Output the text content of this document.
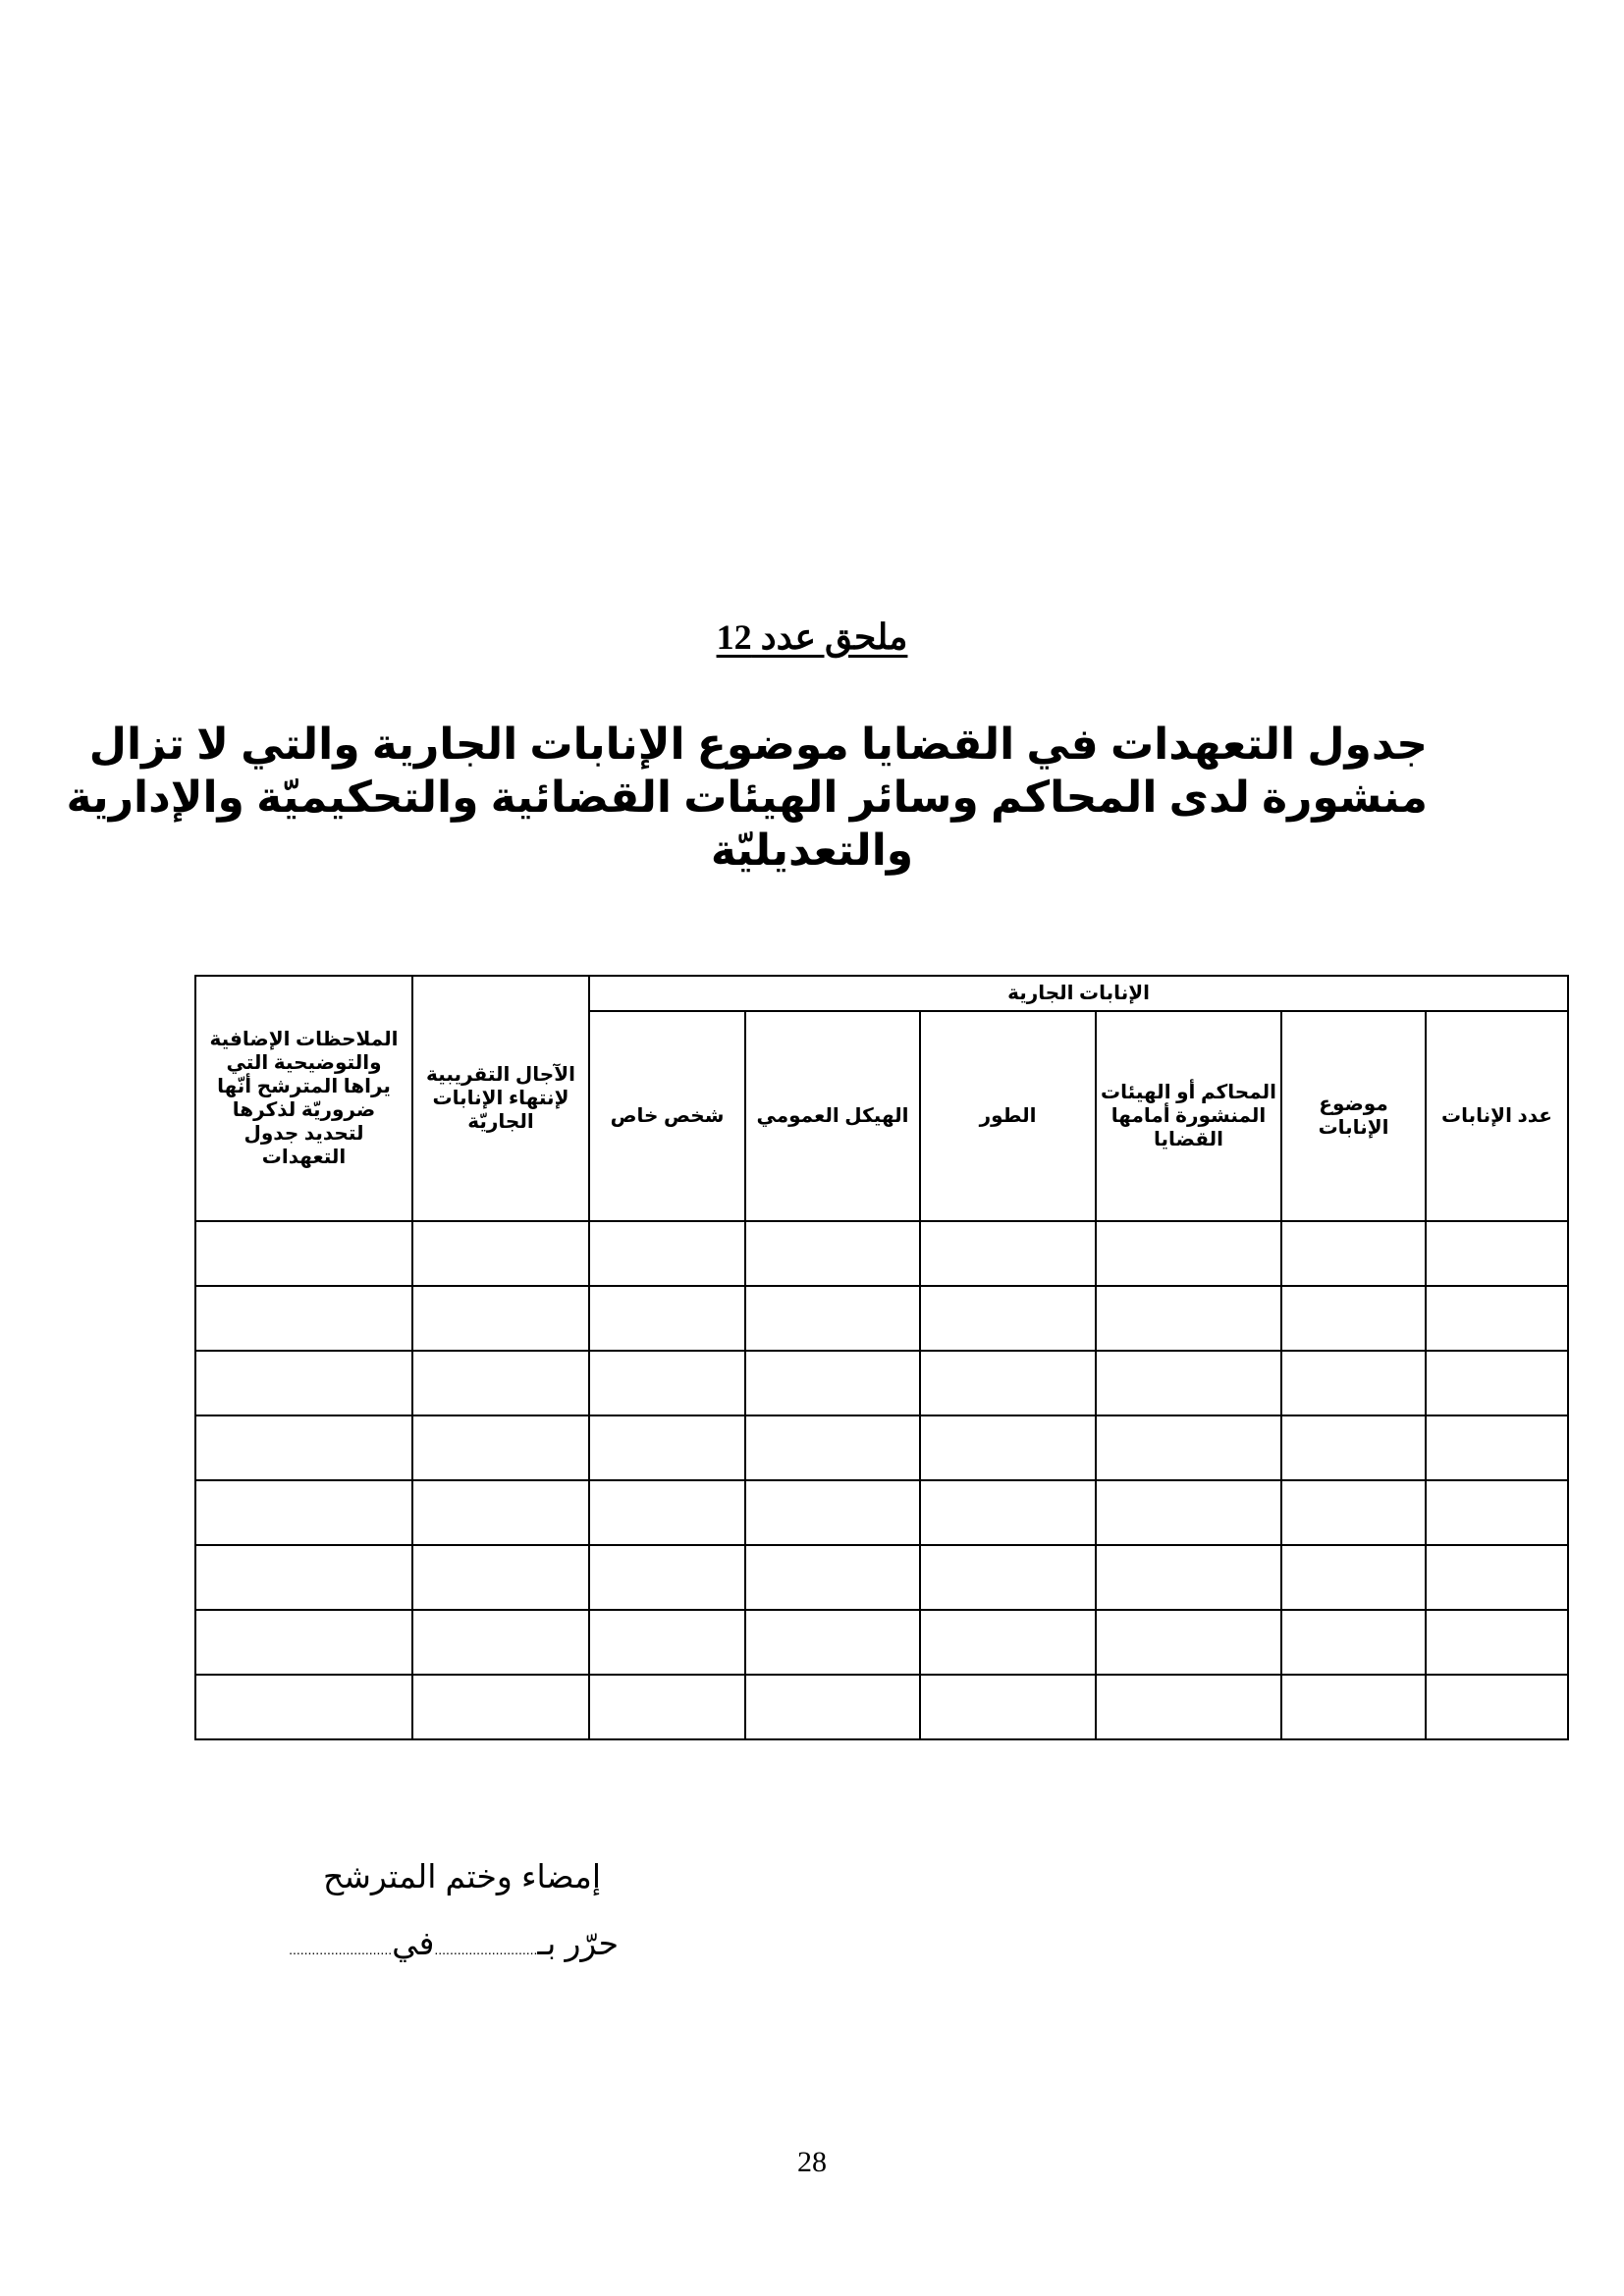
ملحق عدد 12
جدول التعهدات في القضايا موضوع الإنابات الجارية والتي لا تزال
منشورة لدى المحاكم وسائر الهيئات القضائية والتحكيميّة والإدارية
والتعديليّة
الإنابات الجارية						الآجال التقريبية لإنتهاء الإنابات الجاريّة	الملاحظات الإضافية والتوضيحية التي يراها المترشح أنّها ضروريّة لذكرها لتحديد جدول التعهدات
عدد الإنابات	موضوع الإنابات	المحاكم أو الهيئات المنشورة أمامها القضايا	الطور	الهيكل العمومي	شخص خاص		

إمضاء وختم المترشح
حرّر بـ...........................في...........................
28
